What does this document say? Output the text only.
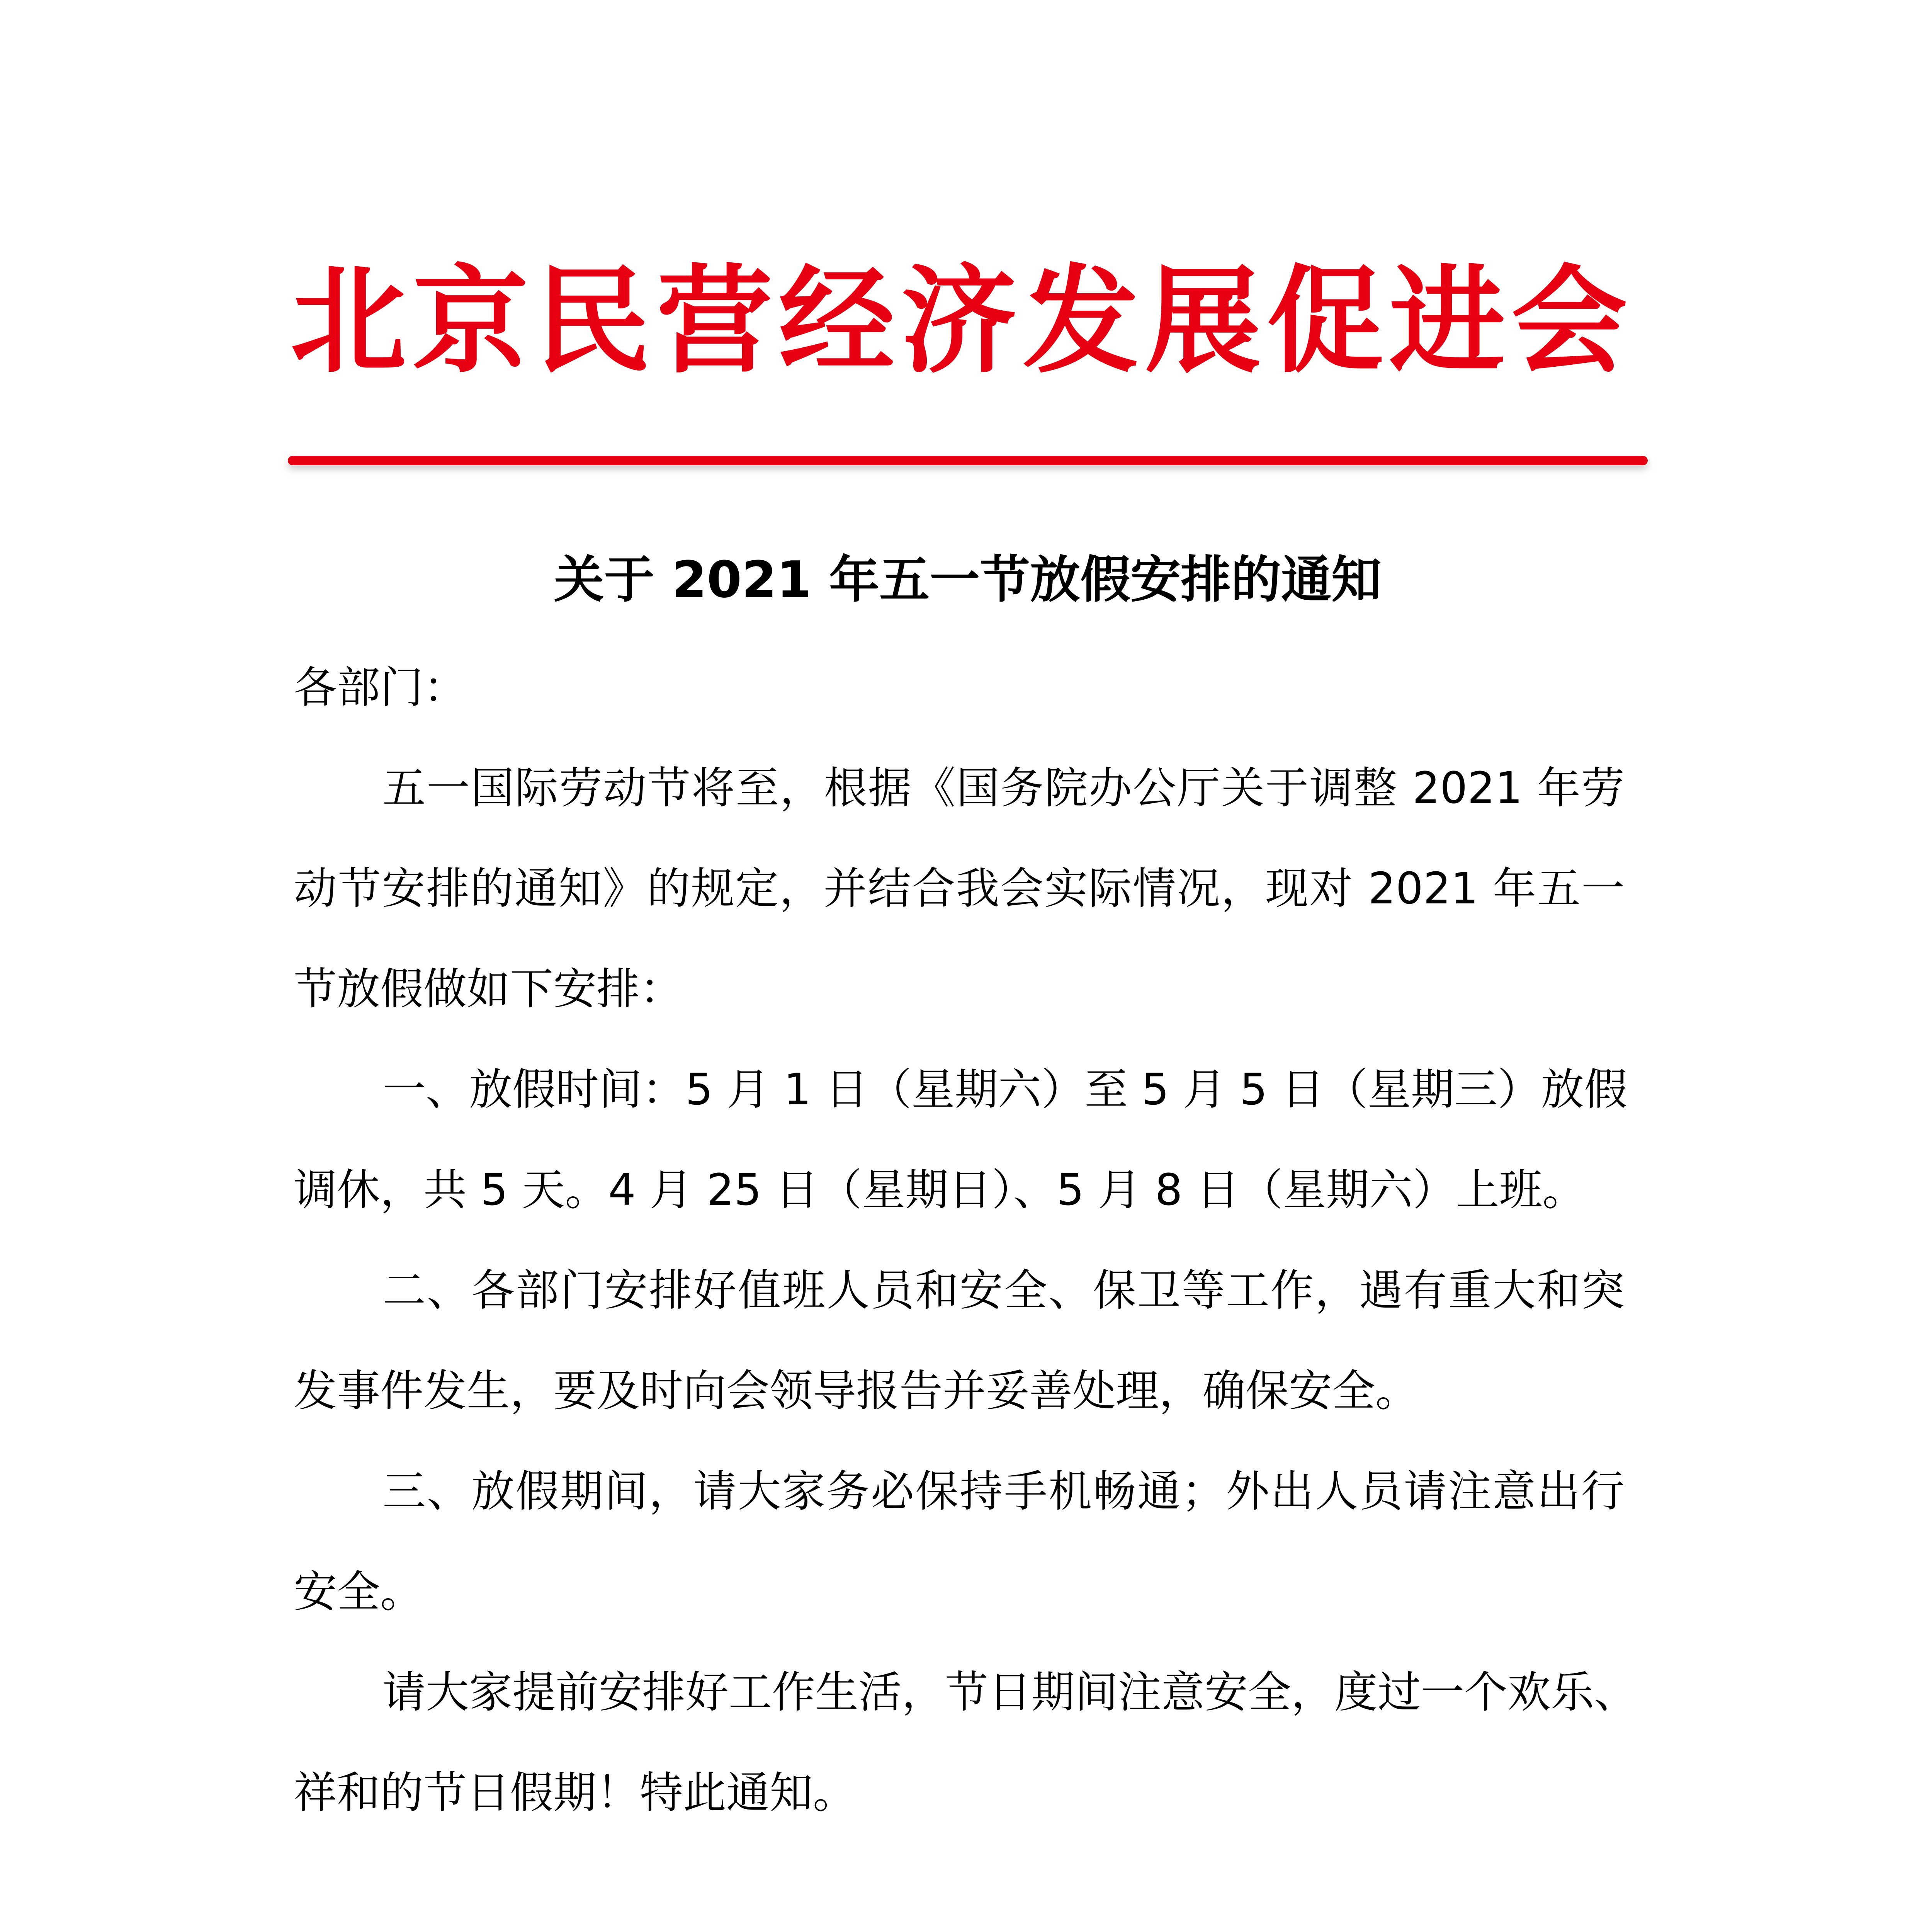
北京民营经济发展促进会
关于 2021 年五一节放假安排的通知
各部门：
五一国际劳动节将至，根据《国务院办公厅关于调整 2021 年劳
动节安排的通知》的规定，并结合我会实际情况，现对 2021 年五一
节放假做如下安排：
一、放假时间：5 月 1 日（星期六）至 5 月 5 日（星期三）放假
调休，共 5 天。4 月 25 日（星期日）、5 月 8 日（星期六）上班。
二、各部门安排好值班人员和安全、保卫等工作，遇有重大和突
发事件发生，要及时向会领导报告并妥善处理，确保安全。
三、放假期间，请大家务必保持手机畅通；外出人员请注意出行
安全。
请大家提前安排好工作生活，节日期间注意安全，度过一个欢乐、
祥和的节日假期！特此通知。
